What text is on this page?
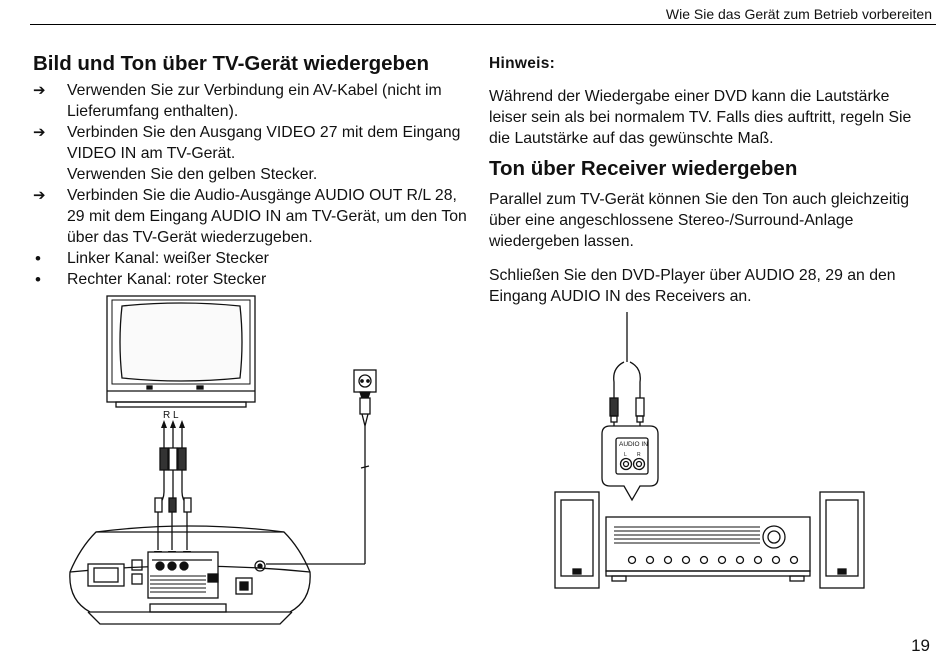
Wie Sie das Gerät zum Betrieb vorbereiten
Bild und Ton über TV-Gerät wiedergeben
➔ Verwenden Sie zur Verbindung ein AV-Kabel (nicht im Lieferumfang enthalten).
➔ Verbinden Sie den Ausgang VIDEO 27 mit dem Eingang VIDEO IN am TV-Gerät.
Verwenden Sie den gelben Stecker.
➔ Verbinden Sie die Audio-Ausgänge AUDIO OUT R/L 28, 29 mit dem Eingang AUDIO IN am TV-Gerät, um den Ton über das TV-Gerät wiederzugeben.
• Linker Kanal: weißer Stecker
• Rechter Kanal: roter Stecker
Hinweis:

Während der Wiedergabe einer DVD kann die Lautstärke leiser sein als bei normalem TV. Falls dies auftritt, regeln Sie die Lautstärke auf das gewünschte Maß.

Ton über Receiver wiedergeben

Parallel zum TV-Gerät können Sie den Ton auch gleichzeitig über eine angeschlossene Stereo-/Surround-Anlage wiedergeben lassen.

Schließen Sie den DVD-Player über AUDIO 28, 29 an den Eingang AUDIO IN des Receivers an.

R L
AUDIO IN
L R
19
